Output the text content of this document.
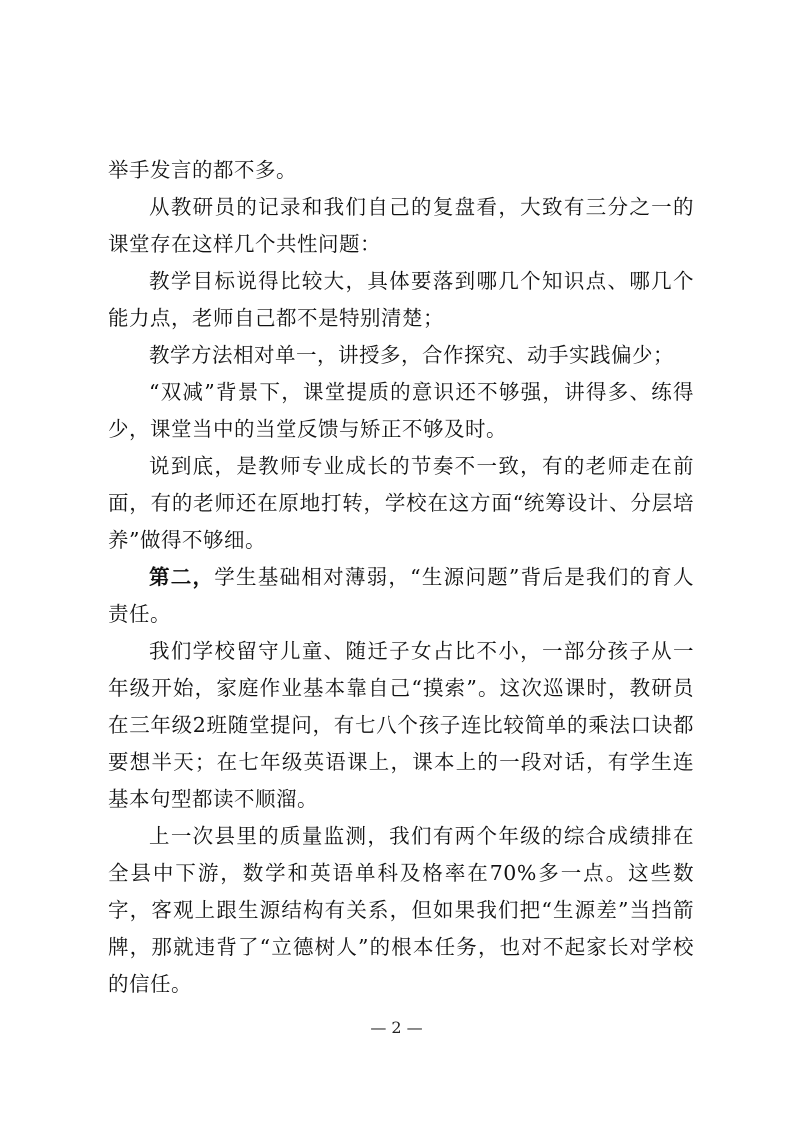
举手发言的都不多。

从教研员的记录和我们自己的复盘看，大致有三分之一的课堂存在这样几个共性问题：

教学目标说得比较大，具体要落到哪几个知识点、哪几个能力点，老师自己都不是特别清楚；

教学方法相对单一，讲授多，合作探究、动手实践偏少；

“双减”背景下，课堂提质的意识还不够强，讲得多、练得少，课堂当中的当堂反馈与矫正不够及时。

说到底，是教师专业成长的节奏不一致，有的老师走在前面，有的老师还在原地打转，学校在这方面“统筹设计、分层培养”做得不够细。

第二，学生基础相对薄弱，“生源问题”背后是我们的育人责任。

我们学校留守儿童、随迁子女占比不小，一部分孩子从一年级开始，家庭作业基本靠自己“摸索”。这次巡课时，教研员在三年级2班随堂提问，有七八个孩子连比较简单的乘法口诀都要想半天；在七年级英语课上，课本上的一段对话，有学生连基本句型都读不顺溜。

上一次县里的质量监测，我们有两个年级的综合成绩排在全县中下游，数学和英语单科及格率在70%多一点。这些数字，客观上跟生源结构有关系，但如果我们把“生源差”当挡箭牌，那就违背了“立德树人”的根本任务，也对不起家长对学校的信任。

— 2 —
